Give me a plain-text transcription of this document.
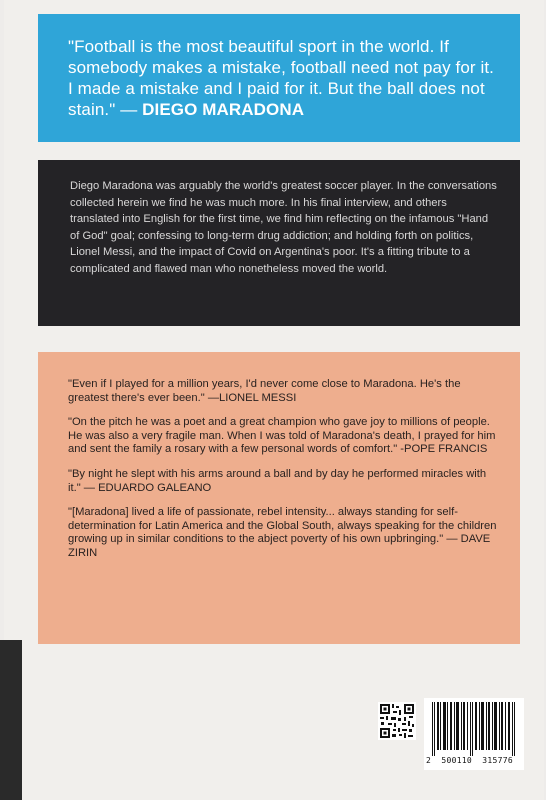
"Football is the most beautiful sport in the world. If somebody makes a mistake, football need not pay for it. I made a mistake and I paid for it. But the ball does not stain." — DIEGO MARADONA
Diego Maradona was arguably the world's greatest soccer player. In the conversations collected herein we find he was much more. In his final interview, and others translated into English for the first time, we find him reflecting on the infamous "Hand of God" goal; confessing to long-term drug addiction; and holding forth on politics, Lionel Messi, and the impact of Covid on Argentina's poor. It's a fitting tribute to a complicated and flawed man who nonetheless moved the world.

"Even if I played for a million years, I'd never come close to Maradona. He's the greatest there's ever been." —LIONEL MESSI

"On the pitch he was a poet and a great champion who gave joy to millions of people. He was also a very fragile man. When I was told of Maradona's death, I prayed for him and sent the family a rosary with a few personal words of comfort." -POPE FRANCIS

"By night he slept with his arms around a ball and by day he performed miracles with it." — EDUARDO GALEANO

"[Maradona] lived a life of passionate, rebel intensity... always standing for self-determination for Latin America and the Global South, always speaking for the children growing up in similar conditions to the abject poverty of his own upbringing." — DAVE ZIRIN

2  500110  315776
